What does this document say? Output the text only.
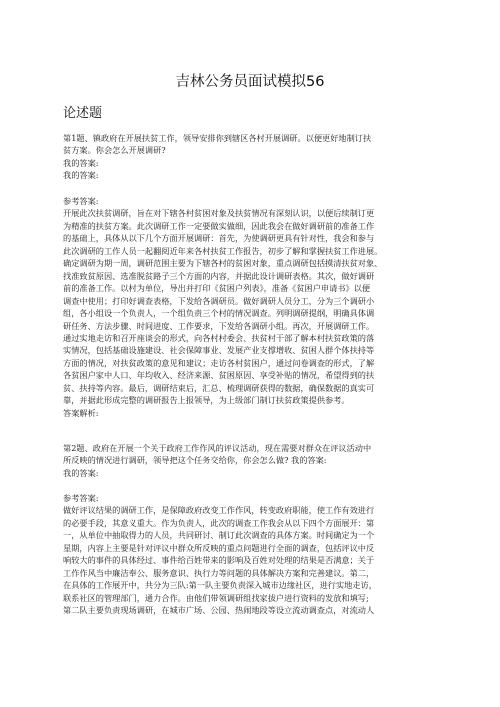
吉林公务员面试模拟56
论述题

第1题、镇政府在开展扶贫工作，领导安排你到辖区各村开展调研。以便更好地制订扶

贫方案。你会怎么开展调研?

我的答案:

我的答案:

参考答案:

开展此次扶贫调研，旨在对下辖各村贫困对象及扶贫情况有深刻认识，以便后续制订更

为精准的扶贫方案。此次调研工作一定要做实做细，因此我会在做好调研前的准备工作

的基础上，具体从以下几个方面开展调研：首先，为使调研更具有针对性，我会和参与

此次调研的工作人员一起翻阅近年来各村扶贫工作报告，初步了解和掌握扶贫工作进展。

确定调研为期一周，调研范围主要为下辖各村的贫困对象，重点调研包括摸清扶贫对象、

找准致贫原因、选准脱贫路子三个方面的内容，并据此设计调研表格。其次，做好调研

前的准备工作。以村为单位，导出并打印《贫困户列表》，准备《贫困户申请书》以便

调查中使用；打印好调查表格，下发给各调研员。做好调研人员分工，分为三个调研小

组，各小组设一个负责人，一个组负责三个村的情况调查。列明调研提纲，明确具体调

研任务、方法步骤、时间进度、工作要求，下发给各调研小组。再次，开展调研工作。

通过实地走访和召开座谈会的形式，向各村村委会、扶贫村干部了解本村扶贫政策的落

实情况，包括基础设施建设、社会保障事业、发展产业支撑增收、贫困人群个体扶持等

方面的情况，对扶贫政策的意见和建议；走访各村贫困户，通过问卷调查的形式，了解

各贫困户家中人口、年均收入、经济来源、贫困原因、享受补贴的情况，希望得到的扶

贫、扶持等内容。最后，调研结束后，汇总、梳理调研获得的数据，确保数据的真实可

靠，并据此形成完整的调研报告上报领导，为上级部门制订扶贫政策提供参考。

答案解析:

第2题、政府在开展一个关于政府工作作风的评议活动，现在需要对群众在评议活动中

所反映的情况进行调研，领导把这个任务交给你，你会怎么做? 我的答案:

我的答案:

参考答案:

做好评议结果的调研工作，是保障政府改变工作作风，转变政府职能，使工作有效进行

的必要手段，其意义重大。作为负责人，此次的调查工作我会从以下四个方面展开：第

一，从单位中抽取得力的人员，共同研讨、制订此次调查的具体方案。时间确定为一个

星期，内容上主要是针对评议中群众所反映的重点问题进行全面的调查，包括评议中反

响较大的事件的具体经过、事件给百姓带来的影响及百姓对处理的结果是否满意；关于

工作作风当中廉洁奉公、服务意识、执行力等问题的具体解决方案和完善建议。第二，

在具体的工作展开中，共分为三队:第一队主要负责深入城市边缘社区，进行实地走访，

联系社区的管理部门，通力合作。由他们带领调研组找家拔户进行资料的发放和填写;

第二队主要负责现场调研，在城市广场、公园、热闹地段等设立流动调查点，对流动人
